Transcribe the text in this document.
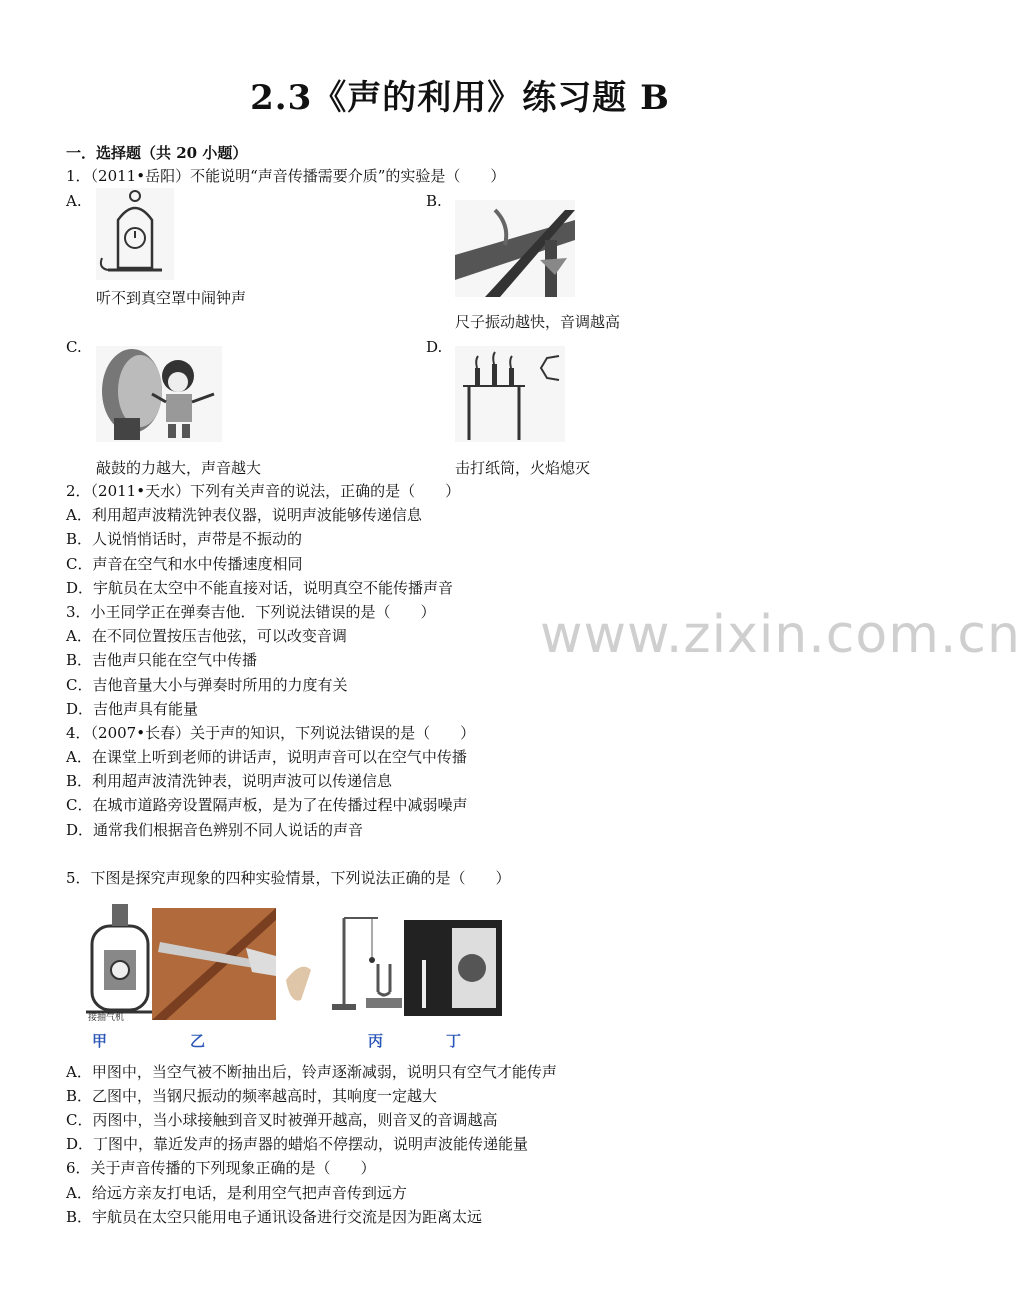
2.3《声的利用》练习题 B
一．选择题（共 20 小题）
www.zixin.com.cn
1．（2011•岳阳）不能说明“声音传播需要介质”的实验是（　　）
A.
听不到真空罩中闹钟声
B.
尺子振动越快，音调越高
C.
敲鼓的力越大，声音越大
D.
击打纸筒，火焰熄灭
2．（2011•天水）下列有关声音的说法，正确的是（　　）
A．利用超声波精洗钟表仪器，说明声波能够传递信息
B．人说悄悄话时，声带是不振动的
C．声音在空气和水中传播速度相同
D．宇航员在太空中不能直接对话，说明真空不能传播声音
3．小王同学正在弹奏吉他．下列说法错误的是（　　）
A．在不同位置按压吉他弦，可以改变音调
B．吉他声只能在空气中传播
C．吉他音量大小与弹奏时所用的力度有关
D．吉他声具有能量
4．（2007•长春）关于声的知识，下列说法错误的是（　　）
A．在课堂上听到老师的讲话声，说明声音可以在空气中传播
B．利用超声波清洗钟表，说明声波可以传递信息
C．在城市道路旁设置隔声板，是为了在传播过程中减弱噪声
D．通常我们根据音色辨别不同人说话的声音
5．下图是探究声现象的四种实验情景，下列说法正确的是（　　）
接抽气机
甲	乙	丙	丁
A．甲图中，当空气被不断抽出后，铃声逐渐减弱，说明只有空气才能传声
B．乙图中，当钢尺振动的频率越高时，其响度一定越大
C．丙图中，当小球接触到音叉时被弹开越高，则音叉的音调越高
D．丁图中，靠近发声的扬声器的蜡焰不停摆动，说明声波能传递能量
6．关于声音传播的下列现象正确的是（　　）
A．给远方亲友打电话，是利用空气把声音传到远方
B．宇航员在太空只能用电子通讯设备进行交流是因为距离太远
